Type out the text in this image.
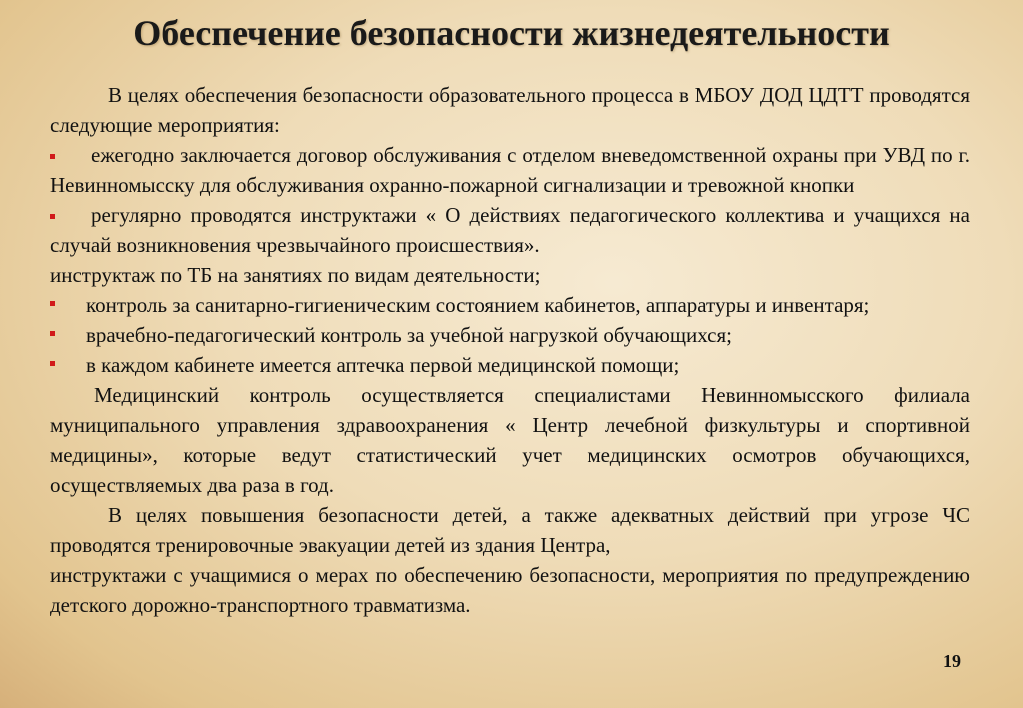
Обеспечение безопасности жизнедеятельности

В целях обеспечения безопасности образовательного процесса в МБОУ ДОД ЦДТТ проводятся следующие мероприятия:

ежегодно заключается договор обслуживания с отделом вневедомственной охраны при УВД по г. Невинномысску для обслуживания охранно-пожарной сигнализации и тревожной кнопки

регулярно проводятся инструктажи « О действиях педагогического коллектива и учащихся на случай возникновения чрезвычайного происшествия».

инструктаж по ТБ на занятиях по видам деятельности;

контроль за санитарно-гигиеническим состоянием кабинетов, аппаратуры и инвентаря;

врачебно-педагогический контроль за учебной нагрузкой обучающихся;

в каждом кабинете имеется аптечка первой медицинской помощи;

Медицинский контроль осуществляется специалистами Невинномысского филиала муниципального управления здравоохранения « Центр лечебной физкультуры и спортивной медицины», которые ведут статистический учет медицинских осмотров обучающихся, осуществляемых два раза в год.

В целях повышения безопасности детей, а также адекватных действий при угрозе ЧС проводятся тренировочные эвакуации детей из здания Центра,

инструктажи с учащимися о мерах по обеспечению безопасности, мероприятия по предупреждению детского дорожно-транспортного травматизма.

19
